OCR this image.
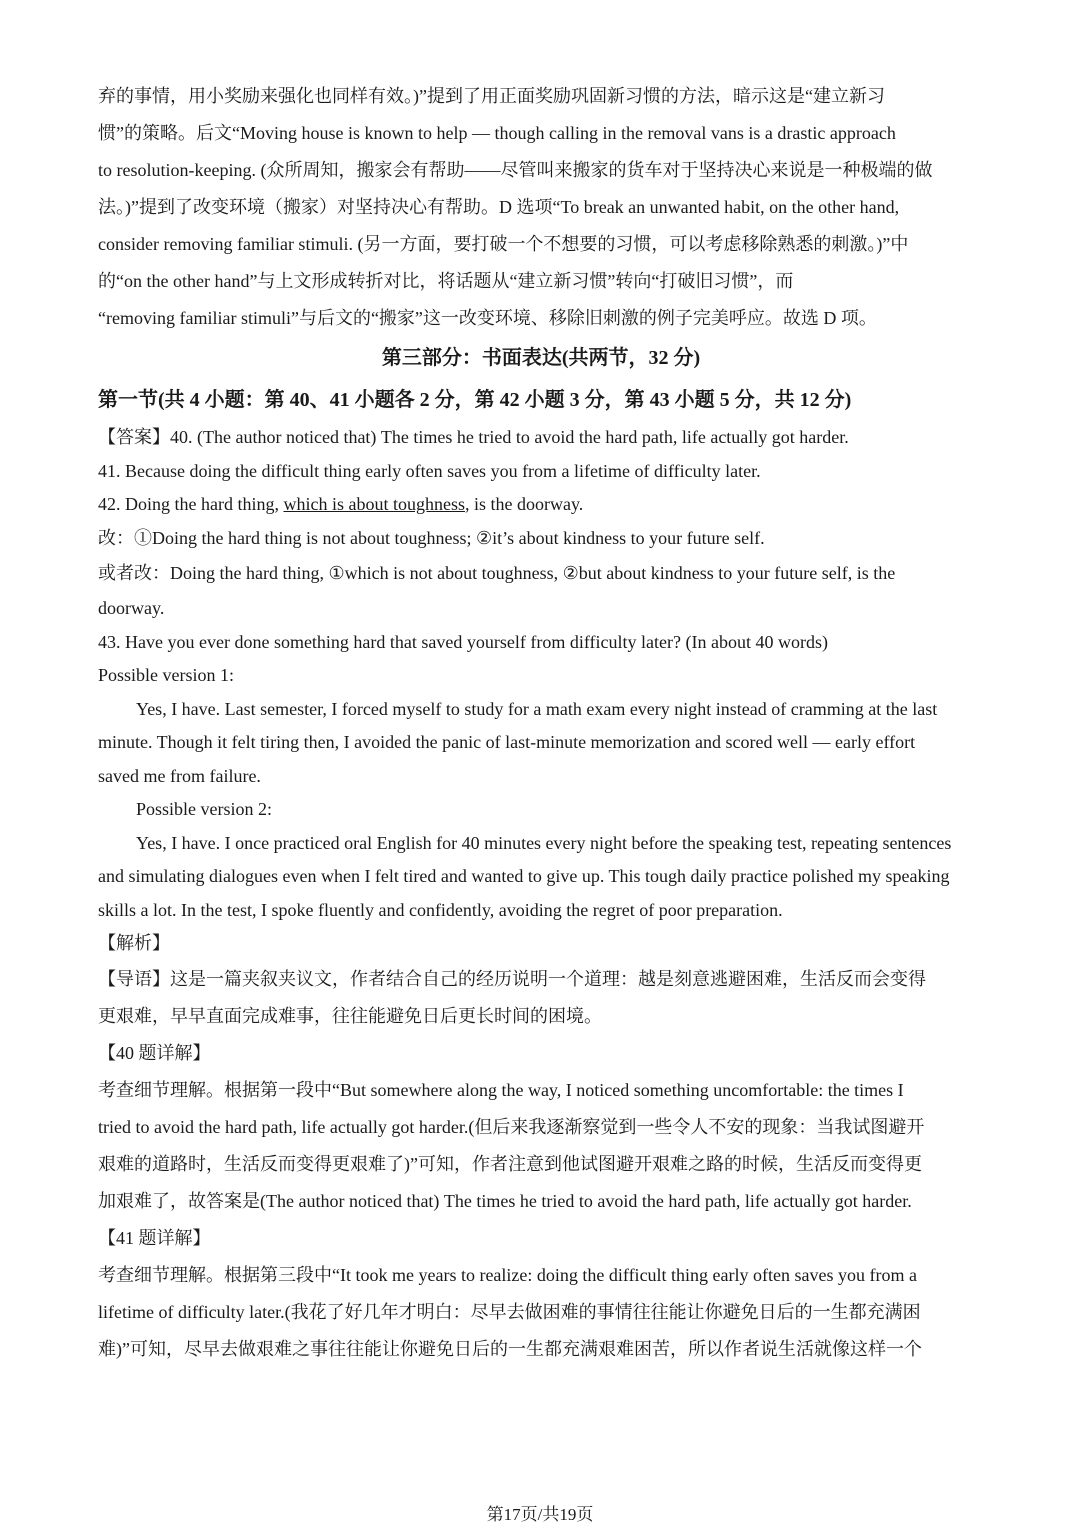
弃的事情，用小奖励来强化也同样有效。)”提到了用正面奖励巩固新习惯的方法，暗示这是“建立新习
惯”的策略。后文“Moving house is known to help — though calling in the removal vans is a drastic approach
to resolution-keeping. (众所周知，搬家会有帮助——尽管叫来搬家的货车对于坚持决心来说是一种极端的做
法。)”提到了改变环境（搬家）对坚持决心有帮助。D 选项“To break an unwanted habit, on the other hand,
consider removing familiar stimuli. (另一方面，要打破一个不想要的习惯，可以考虑移除熟悉的刺激。)”中
的“on the other hand”与上文形成转折对比，将话题从“建立新习惯”转向“打破旧习惯”，而
“removing familiar stimuli”与后文的“搬家”这一改变环境、移除旧刺激的例子完美呼应。故选 D 项。
第三部分：书面表达(共两节，32 分)
第一节(共 4 小题：第 40、41 小题各 2 分，第 42 小题 3 分，第 43 小题 5 分，共 12 分)
【答案】40. (The author noticed that) The times he tried to avoid the hard path, life actually got harder.
41. Because doing the difficult thing early often saves you from a lifetime of difficulty later.
42. Doing the hard thing, which is about toughness, is the doorway.
改：①Doing the hard thing is not about toughness; ②it’s about kindness to your future self.
或者改：Doing the hard thing, ①which is not about toughness, ②but about kindness to your future self, is the
doorway.
43. Have you ever done something hard that saved yourself from difficulty later? (In about 40 words)
Possible version 1:
Yes, I have. Last semester, I forced myself to study for a math exam every night instead of cramming at the last
minute. Though it felt tiring then, I avoided the panic of last-minute memorization and scored well — early effort
saved me from failure.
Possible version 2:
Yes, I have. I once practiced oral English for 40 minutes every night before the speaking test, repeating sentences
and simulating dialogues even when I felt tired and wanted to give up. This tough daily practice polished my speaking
skills a lot. In the test, I spoke fluently and confidently, avoiding the regret of poor preparation.
【解析】
【导语】这是一篇夹叙夹议文，作者结合自己的经历说明一个道理：越是刻意逃避困难，生活反而会变得
更艰难，早早直面完成难事，往往能避免日后更长时间的困境。
【40 题详解】
考查细节理解。根据第一段中“But somewhere along the way, I noticed something uncomfortable: the times I
tried to avoid the hard path, life actually got harder.(但后来我逐渐察觉到一些令人不安的现象：当我试图避开
艰难的道路时，生活反而变得更艰难了)”可知，作者注意到他试图避开艰难之路的时候，生活反而变得更
加艰难了，故答案是(The author noticed that) The times he tried to avoid the hard path, life actually got harder.
【41 题详解】
考查细节理解。根据第三段中“It took me years to realize: doing the difficult thing early often saves you from a
lifetime of difficulty later.(我花了好几年才明白：尽早去做困难的事情往往能让你避免日后的一生都充满困
难)”可知，尽早去做艰难之事往往能让你避免日后的一生都充满艰难困苦，所以作者说生活就像这样一个
第17页/共19页
